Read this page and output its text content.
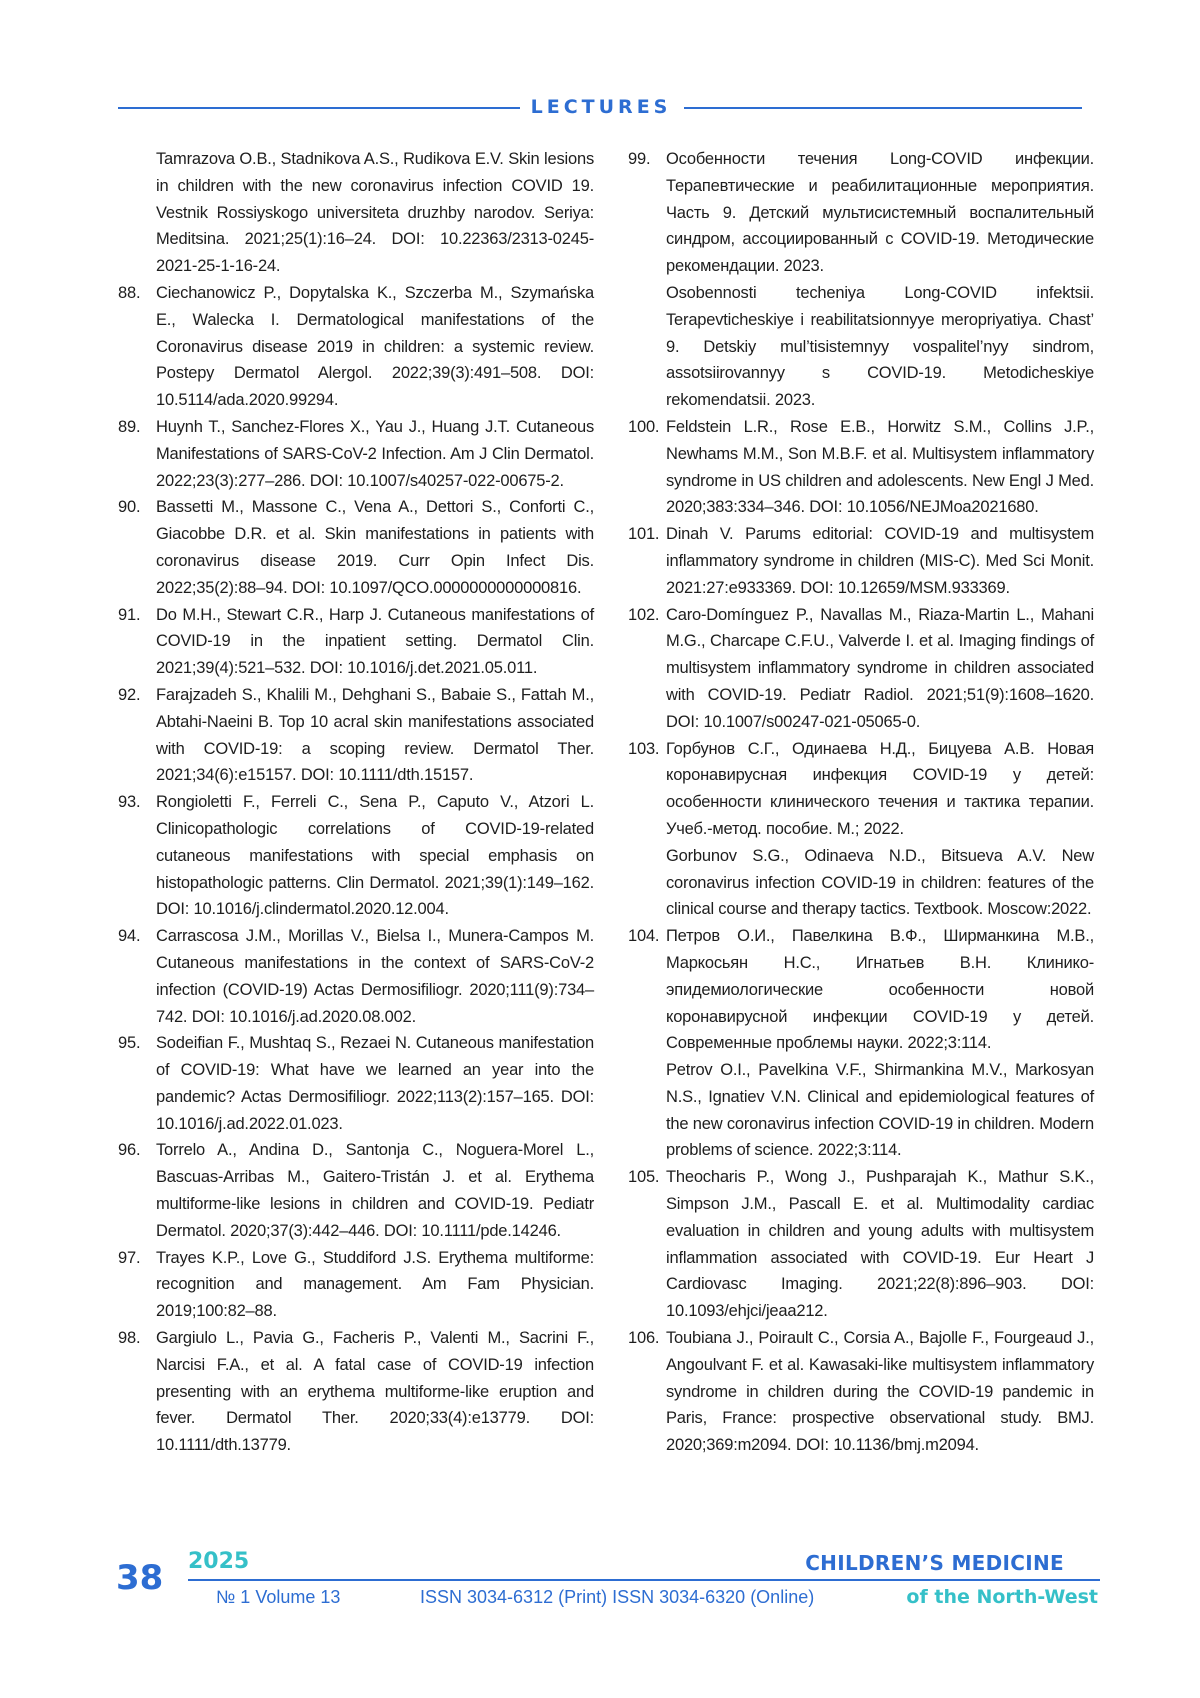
LECTURES
Tamrazova O.B., Stadnikova A.S., Rudikova E.V. Skin lesions in children with the new coronavirus infection COVID 19. Vestnik Rossiyskogo universiteta druzhby narodov. Seriya: Meditsina. 2021;25(1):16–24. DOI: 10.22363/2313-0245-2021-25-1-16-24.
88. Ciechanowicz P., Dopytalska K., Szczerba M., Szymańska E., Walecka I. Dermatological manifestations of the Coronavirus disease 2019 in children: a systemic review. Postepy Dermatol Alergol. 2022;39(3):491–508. DOI: 10.5114/ada.2020.99294.
89. Huynh T., Sanchez-Flores X., Yau J., Huang J.T. Cutaneous Manifestations of SARS-CoV-2 Infection. Am J Clin Dermatol. 2022;23(3):277–286. DOI: 10.1007/s40257-022-00675-2.
90. Bassetti M., Massone C., Vena A., Dettori S., Conforti C., Giacobbe D.R. et al. Skin manifestations in patients with coronavirus disease 2019. Curr Opin Infect Dis. 2022;35(2):88–94. DOI: 10.1097/QCO.0000000000000816.
91. Do M.H., Stewart C.R., Harp J. Cutaneous manifestations of COVID-19 in the inpatient setting. Dermatol Clin. 2021;39(4):521–532. DOI: 10.1016/j.det.2021.05.011.
92. Farajzadeh S., Khalili M., Dehghani S., Babaie S., Fattah M., Abtahi-Naeini B. Top 10 acral skin manifestations associated with COVID-19: a scoping review. Dermatol Ther. 2021;34(6):e15157. DOI: 10.1111/dth.15157.
93. Rongioletti F., Ferreli C., Sena P., Caputo V., Atzori L. Clinicopathologic correlations of COVID-19-related cutaneous manifestations with special emphasis on histopathologic patterns. Clin Dermatol. 2021;39(1):149–162. DOI: 10.1016/j.clindermatol.2020.12.004.
94. Carrascosa J.M., Morillas V., Bielsa I., Munera-Campos M. Cutaneous manifestations in the context of SARS-CoV-2 infection (COVID-19) Actas Dermosifiliogr. 2020;111(9):734–742. DOI: 10.1016/j.ad.2020.08.002.
95. Sodeifian F., Mushtaq S., Rezaei N. Cutaneous manifestation of COVID-19: What have we learned an year into the pandemic? Actas Dermosifiliogr. 2022;113(2):157–165. DOI: 10.1016/j.ad.2022.01.023.
96. Torrelo A., Andina D., Santonja C., Noguera-Morel L., Bascuas-Arribas M., Gaitero-Tristán J. et al. Erythema multiforme-like lesions in children and COVID-19. Pediatr Dermatol. 2020;37(3):442–446. DOI: 10.1111/pde.14246.
97. Trayes K.P., Love G., Studdiford J.S. Erythema multiforme: recognition and management. Am Fam Physician. 2019;100:82–88.
98. Gargiulo L., Pavia G., Facheris P., Valenti M., Sacrini F., Narcisi F.A., et al. A fatal case of COVID-19 infection presenting with an erythema multiforme-like eruption and fever. Dermatol Ther. 2020;33(4):e13779. DOI: 10.1111/dth.13779.
99. Особенности течения Long-COVID инфекции. Терапевтические и реабилитационные мероприятия. Часть 9. Детский мультисистемный воспалительный синдром, ассоциированный с COVID-19. Методические рекомендации. 2023.
Osobennosti techeniya Long-COVID infektsii. Terapevticheskiye i reabilitatsionnyye meropriyatiya. Chast’ 9. Detskiy mul’tisistemnyy vospalitel’nyy sindrom, assotsiirovannyy s COVID-19. Metodicheskiye rekomendatsii. 2023.
100. Feldstein L.R., Rose E.B., Horwitz S.M., Collins J.P., Newhams M.M., Son M.B.F. et al. Multisystem inflammatory syndrome in US children and adolescents. New Engl J Med. 2020;383:334–346. DOI: 10.1056/NEJMoa2021680.
101. Dinah V. Parums editorial: COVID-19 and multisystem inflammatory syndrome in children (MIS-C). Med Sci Monit. 2021:27:e933369. DOI: 10.12659/MSM.933369.
102. Caro-Domínguez P., Navallas M., Riaza-Martin L., Mahani M.G., Charcape C.F.U., Valverde I. et al. Imaging findings of multisystem inflammatory syndrome in children associated with COVID-19. Pediatr Radiol. 2021;51(9):1608–1620. DOI: 10.1007/s00247-021-05065-0.
103. Горбунов С.Г., Одинаева Н.Д., Бицуева А.В. Новая коронавирусная инфекция COVID-19 у детей: особенности клинического течения и тактика терапии. Учеб.-метод. пособие. М.; 2022.
Gorbunov S.G., Odinaeva N.D., Bitsueva A.V. New coronavirus infection COVID-19 in children: features of the clinical course and therapy tactics. Textbook. Moscow:2022.
104. Петров О.И., Павелкина В.Ф., Ширманкина М.В., Маркосьян Н.С., Игнатьев В.Н. Клинико-эпидемиологические особенности новой коронавирусной инфекции COVID-19 у детей. Современные проблемы науки. 2022;3:114.
Petrov O.I., Pavelkina V.F., Shirmankina M.V., Markosyan N.S., Ignatiev V.N. Clinical and epidemiological features of the new coronavirus infection COVID-19 in children. Modern problems of science. 2022;3:114.
105. Theocharis P., Wong J., Pushparajah K., Mathur S.K., Simpson J.M., Pascall E. et al. Multimodality cardiac evaluation in children and young adults with multisystem inflammation associated with COVID-19. Eur Heart J Cardiovasc Imaging. 2021;22(8):896–903. DOI: 10.1093/ehjci/jeaa212.
106. Toubiana J., Poirault C., Corsia A., Bajolle F., Fourgeaud J., Angoulvant F. et al. Kawasaki-like multisystem inflammatory syndrome in children during the COVID-19 pandemic in Paris, France: prospective observational study. BMJ. 2020;369:m2094. DOI: 10.1136/bmj.m2094.
38 2025	CHILDREN’S MEDICINE
№ 1 Volume 13	ISSN 3034-6312 (Print) ISSN 3034-6320 (Online)	of the North-West
